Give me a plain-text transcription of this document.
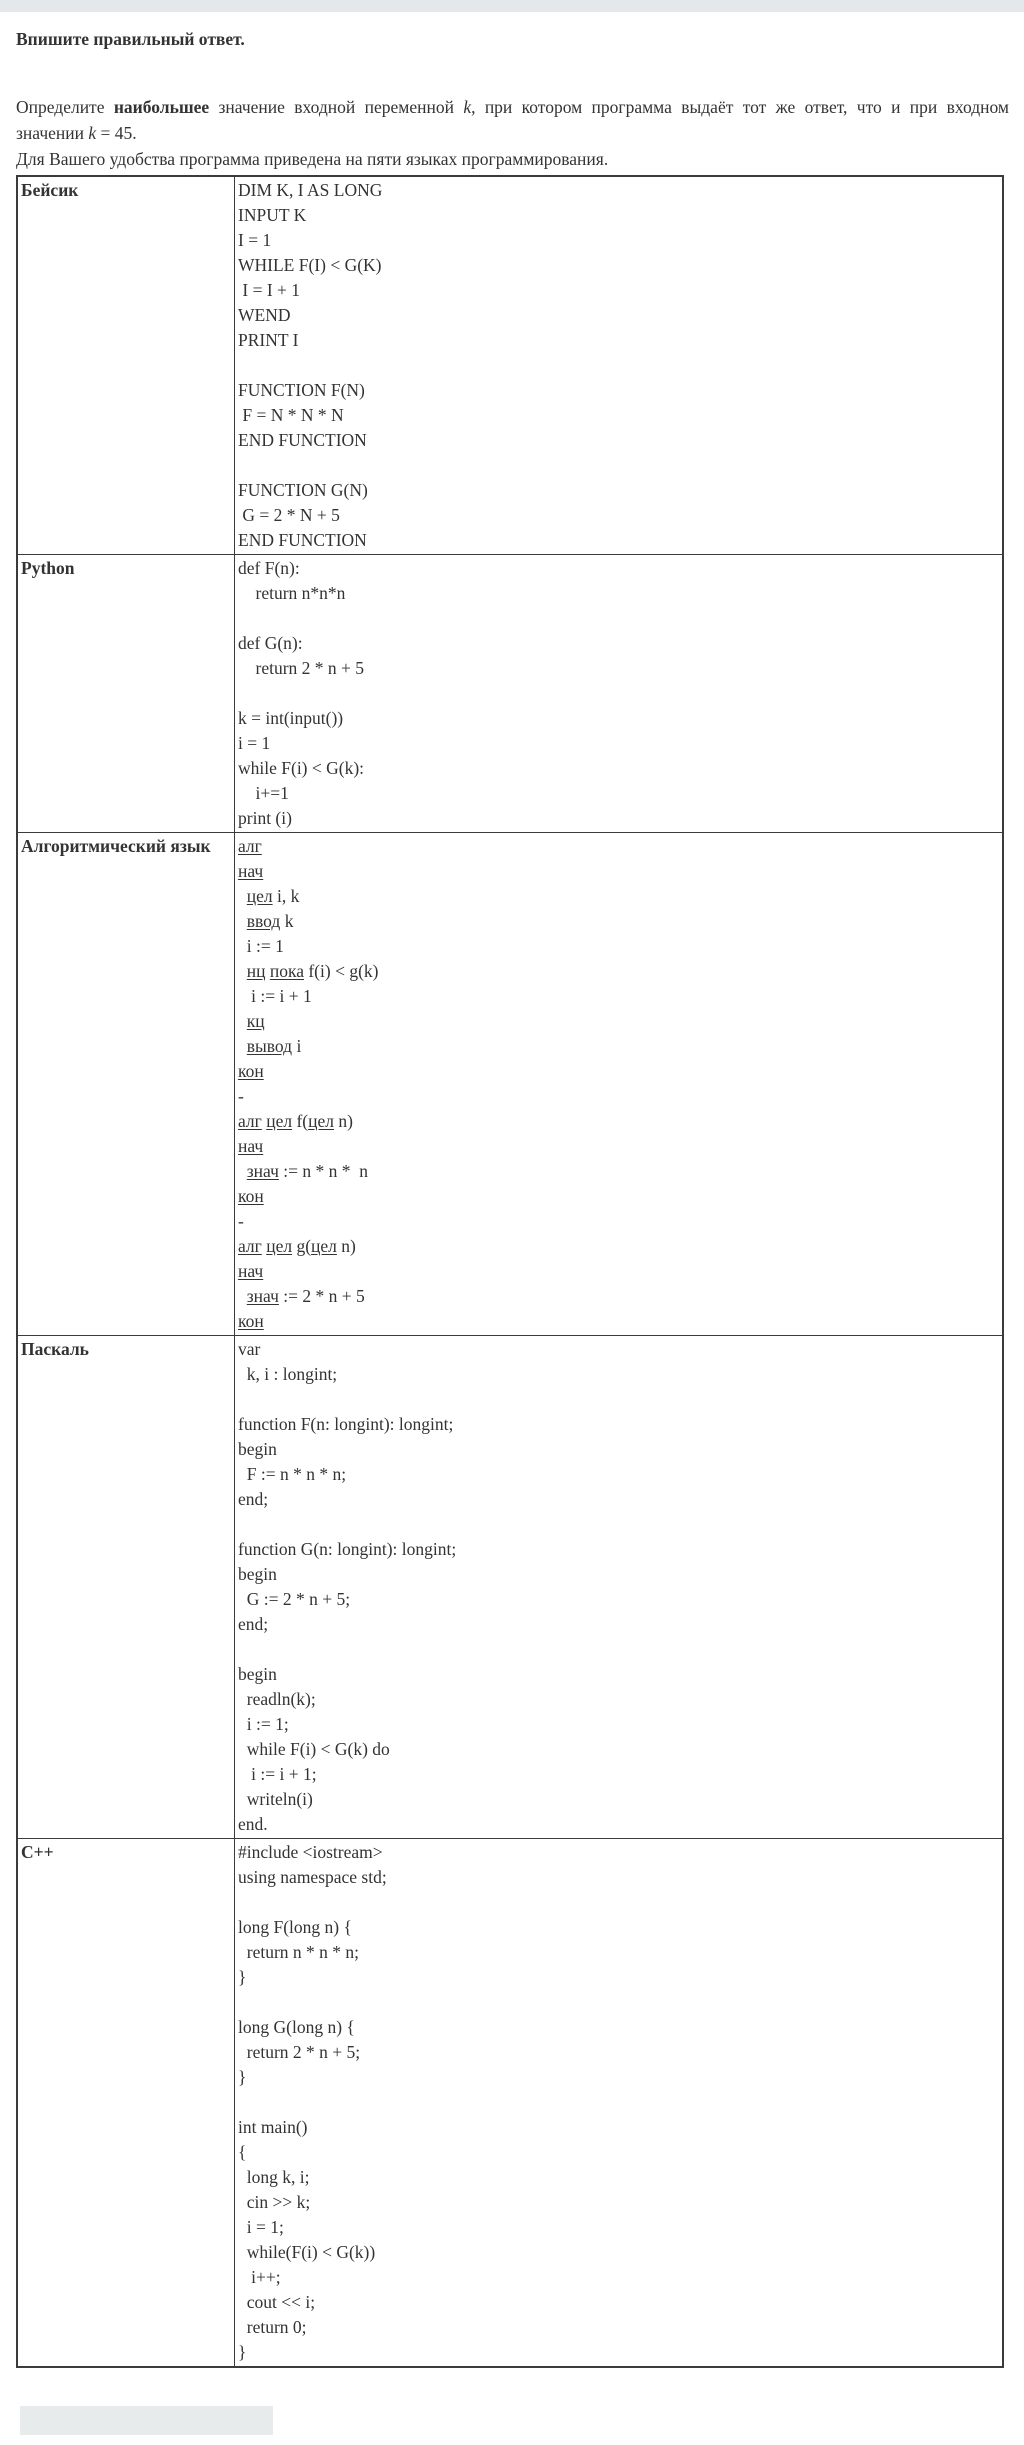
Впишите правильный ответ.
Определите наибольшее значение входной переменной k, при котором программа выдаёт тот же ответ, что и при входном
значении k = 45.

Для Вашего удобства программа приведена на пяти языках программирования.

Бейсик	DIM K, I AS LONG
INPUT K
I = 1
WHILE F(I) < G(K)
I = I + 1
WEND
PRINT I

FUNCTION F(N)
F = N * N * N
END FUNCTION

FUNCTION G(N)
G = 2 * N + 5
END FUNCTION

Python	def F(n):
return n*n*n

def G(n):
return 2 * n + 5

k = int(input())
i = 1
while F(i) < G(k):
i+=1
print (i)

Алгоритмический язык	алг
нач
цел i, k
ввод k
i := 1
нц пока f(i) < g(k)
i := i + 1
кц
вывод i
кон
-
алг цел f(цел n)
нач
знач := n * n *  n
кон
-
алг цел g(цел n)
нач
знач := 2 * n + 5
кон

Паскаль	var
k, i : longint;

function F(n: longint): longint;
begin
F := n * n * n;
end;

function G(n: longint): longint;
begin
G := 2 * n + 5;
end;

begin
readln(k);
i := 1;
while F(i) < G(k) do
i := i + 1;
writeln(i)
end.

C++	#include <iostream>
using namespace std;

long F(long n) {
return n * n * n;
}

long G(long n) {
return 2 * n + 5;
}

int main()
{
long k, i;
cin >> k;
i = 1;
while(F(i) < G(k))
i++;
cout << i;
return 0;
}
